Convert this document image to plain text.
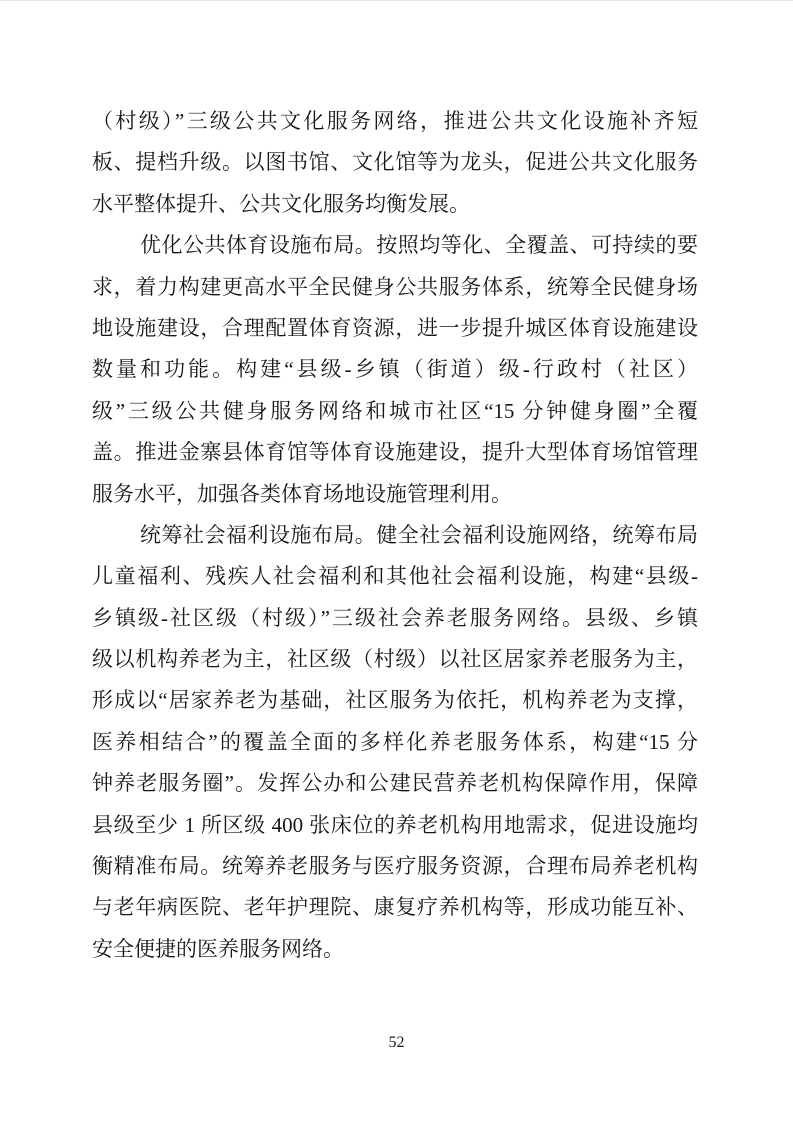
（村级）”三级公共文化服务网络，推进公共文化设施补齐短
板、提档升级。以图书馆、文化馆等为龙头，促进公共文化服务
水平整体提升、公共文化服务均衡发展。
优化公共体育设施布局。按照均等化、全覆盖、可持续的要
求，着力构建更高水平全民健身公共服务体系，统筹全民健身场
地设施建设，合理配置体育资源，进一步提升城区体育设施建设
数量和功能。构建“县级-乡镇（街道）级-行政村（社区）
级”三级公共健身服务网络和城市社区“15 分钟健身圈”全覆
盖。推进金寨县体育馆等体育设施建设，提升大型体育场馆管理
服务水平，加强各类体育场地设施管理利用。
统筹社会福利设施布局。健全社会福利设施网络，统筹布局
儿童福利、残疾人社会福利和其他社会福利设施，构建“县级-
乡镇级-社区级（村级）”三级社会养老服务网络。县级、乡镇
级以机构养老为主，社区级（村级）以社区居家养老服务为主，
形成以“居家养老为基础，社区服务为依托，机构养老为支撑，
医养相结合”的覆盖全面的多样化养老服务体系，构建“15 分
钟养老服务圈”。发挥公办和公建民营养老机构保障作用，保障
县级至少 1 所区级 400 张床位的养老机构用地需求，促进设施均
衡精准布局。统筹养老服务与医疗服务资源，合理布局养老机构
与老年病医院、老年护理院、康复疗养机构等，形成功能互补、
安全便捷的医养服务网络。
52
